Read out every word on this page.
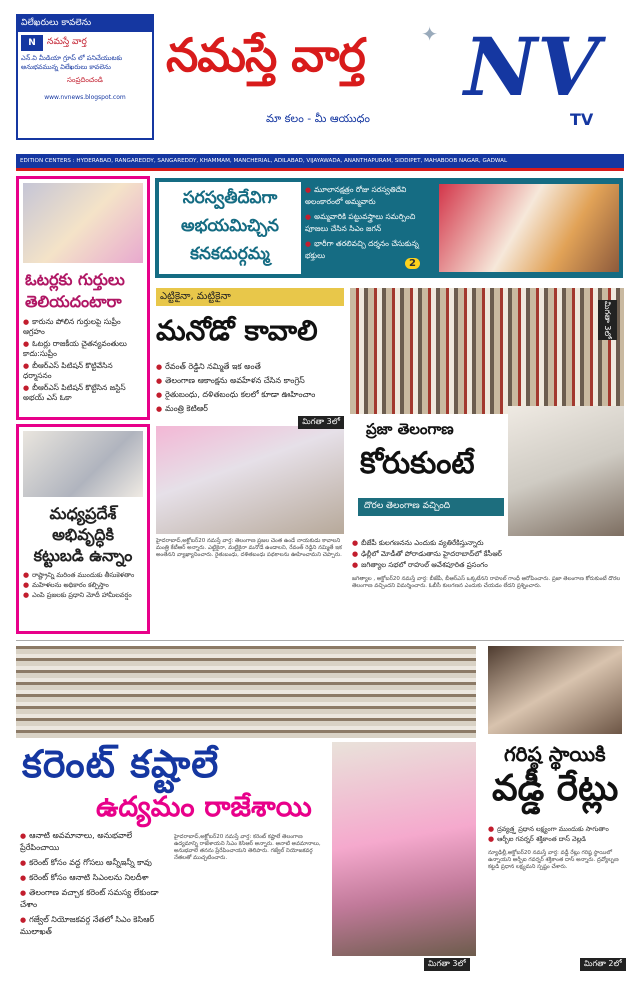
విలేఖరులు కావలెను
N	నమస్తే వార్త
ఎన్.వి మీడియా గ్రూప్ లో పనిచేయుటకు అనుభవమున్న విలేఖరులు కావలెను
సంప్రదించండి
www.nvnews.blogspot.com
నమస్తే వార్త
మా కలం - మీ ఆయుధం
✦ NV
TV
EDITION CENTERS : HYDERABAD, RANGAREDDY, SANGAREDDY, KHAMMAM, MANCHERIAL, ADILABAD, VIJAYAWADA, ANANTHAPURAM, SIDDIPET, MAHABOOB NAGAR, GADWAL
ఓటర్లకు గుర్తులు తెలియదంటారా
● కారును పోలిన గుర్తులపై సుప్రీం ఆగ్రహం
● ఓటర్లు రాజకీయ చైతన్యవంతులు కాదు:సుప్రీం
● బీఆర్ఎస్ పిటిషన్ కొట్టివేసిన ధర్మాసనం
● బీఆర్ఎస్ పిటిషన్ కొట్టేసిన జస్టిస్ అభయ్ ఎస్ ఓకా
సరస్వతీదేవిగా అభయమిచ్చిన కనకదుర్గమ్మ
● మూలానక్షత్రం రోజు సరస్వతిదేవి అలంకారంలో అమ్మవారు
● అమ్మవారికి పట్టువస్త్రాలు సమర్పించి పూజలు చేసిన సిఎం జగన్
● భారీగా తరలివచ్చి దర్శనం చేసుకున్న భక్తులు
2
మధ్యప్రదేశ్ అభివృద్ధికి కట్టుబడి ఉన్నాం
● రాష్ట్రాన్ని మరింత ముందుకు తీసుకెళతాం
● మహిళలను అధికారం కల్పిస్తాం
● ఎంపి ప్రజలకు ప్రధాని మోదీ హామీలవర్షం
ఎట్టికైనా, మట్టికైనా
మనోడో కావాలి
● రేవంత్ రెడ్డిని నమ్మితే ఇక అంతే
● తెలంగాణ ఆకాంక్షను అవహేళన చేసిన కాంగ్రెస్
● రైతుబంధు, దళితబంధు కలలో కూడా ఊహించాం
● మంత్రి కెటిఆర్
హైదరాబాద్,అక్టోబర్20 నమస్తే వార్త: తెలంగాణ ప్రజల చెంత ఉండే నాయకుడు కావాలని మంత్రి కేటీఆర్ అన్నారు. ఎట్టికైనా, మట్టికైనా మనోడే ఉండాలని, రేవంత్ రెడ్డిని నమ్మితే ఇక అంతేనని వ్యాఖ్యానించారు. రైతుబంధు, దళితబంధు పథకాలను ఊహించామని చెప్పారు.
మిగతా 3లో
మిగతా 3లో
ప్రజా తెలంగాణ
కోరుకుంటే
దొరల తెలంగాణ వచ్చింది
● బీజేపీ కులగణనను ఎందుకు వ్యతిరేకిస్తున్నారు
● ఢిల్లీలో మోడీతో పోరాడుతాను హైదరాబాద్‌లో కేసీఆర్
● జగిత్యాల సభలో రాహుల్ ఆవేశపూరిత ప్రసంగం
జగిత్యాల , అక్టోబర్20 నమస్తే వార్త: బీజేపీ, బీఆర్ఎస్ ఒక్కటేనని రాహుల్ గాంధీ ఆరోపించారు. ప్రజా తెలంగాణ కోరుకుంటే దొరల తెలంగాణ వచ్చిందని విమర్శించారు. ఓబీసీ కులగణన ఎందుకు చేయడం లేదని ప్రశ్నించారు.
కరెంట్ కష్టాలే
ఉద్యమం రాజేశాయి
● ఆనాటి అవమానాలు, అనుభవాలే ప్రేరేపించాయి
● కరెంట్ కోసం వద్ద గోసలు అన్నీఇన్నీ కావు
● కరెంట్ కోసం ఆనాటి సిఎంలను నిలదీశా
● తెలంగాణ వచ్చాక కరెంట్ సమస్య లేకుండా చేశాం
● గజ్వేల్ నియోజకవర్గ నేతలో సిఎం కెసిఆర్ ములాఖత్
హైదరాబాద్,అక్టోబర్20 నమస్తే వార్త: కరెంట్ కష్టాలే తెలంగాణ ఉద్యమాన్ని రాజేశాయని సిఎం కెసిఆర్ అన్నారు. ఆనాటి అవమానాలు, అనుభవాలే తనను ప్రేరేపించాయని తెలిపారు. గజ్వేల్ నియోజకవర్గ నేతలతో ముచ్చటించారు.
మిగతా 3లో
గరిష్ఠ స్థాయికి
వడ్డీ రేట్లు
● ద్రవ్యత్ర్త ప్రధాన లక్ష్యంగా ముందుకు సాగుతాం
● ఆర్బీఐ గవర్నర్ శక్తికాంత దాస్ వెల్లడి
న్యూఢిల్లీ,అక్టోబర్20 నమస్తే వార్త: వడ్డీ రేట్లు గరిష్ఠ స్థాయిలో ఉన్నాయని ఆర్బీఐ గవర్నర్ శక్తికాంత దాస్ అన్నారు. ద్రవ్యోల్బణ కట్టడి ప్రధాన లక్ష్యమని స్పష్టం చేశారు.
మిగతా 2లో
